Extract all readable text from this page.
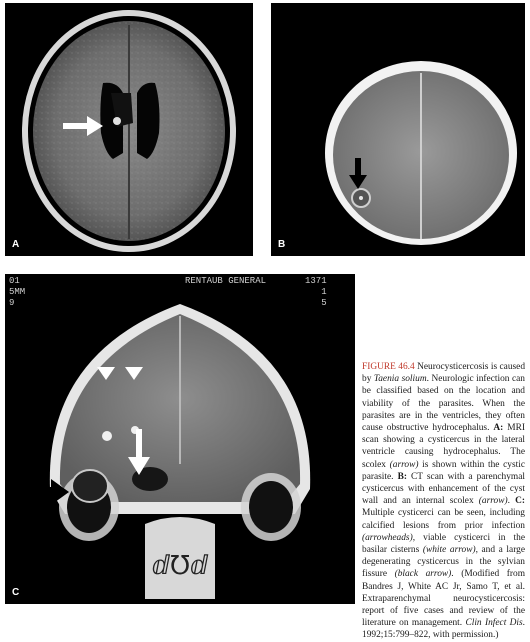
A	B
ⅆ℧ⅆ
01
5MM
9
RENTAUB GENERAL	1371
1
5
C
FIGURE 46.4 Neurocysticercosis is caused by Taenia solium. Neurologic infection can be classified based on the location and viability of the parasites. When the parasites are in the ventricles, they often cause obstructive hydrocephalus. A: MRI scan showing a cysticercus in the lateral ventricle causing hydrocephalus. The scolex (arrow) is shown within the cystic parasite. B: CT scan with a parenchymal cysticercus with enhancement of the cyst wall and an internal scolex (arrow). C: Multiple cysticerci can be seen, including calcified lesions from prior infection (arrowheads), viable cysticerci in the basilar cisterns (white arrow), and a large degenerating cysticercus in the sylvian fissure (black arrow). (Modified from Bandres J, White AC Jr, Samo T, et al. Extraparenchymal neurocysticercosis: report of five cases and review of the literature on management. Clin Infect Dis. 1992;15:799–822, with permission.)
